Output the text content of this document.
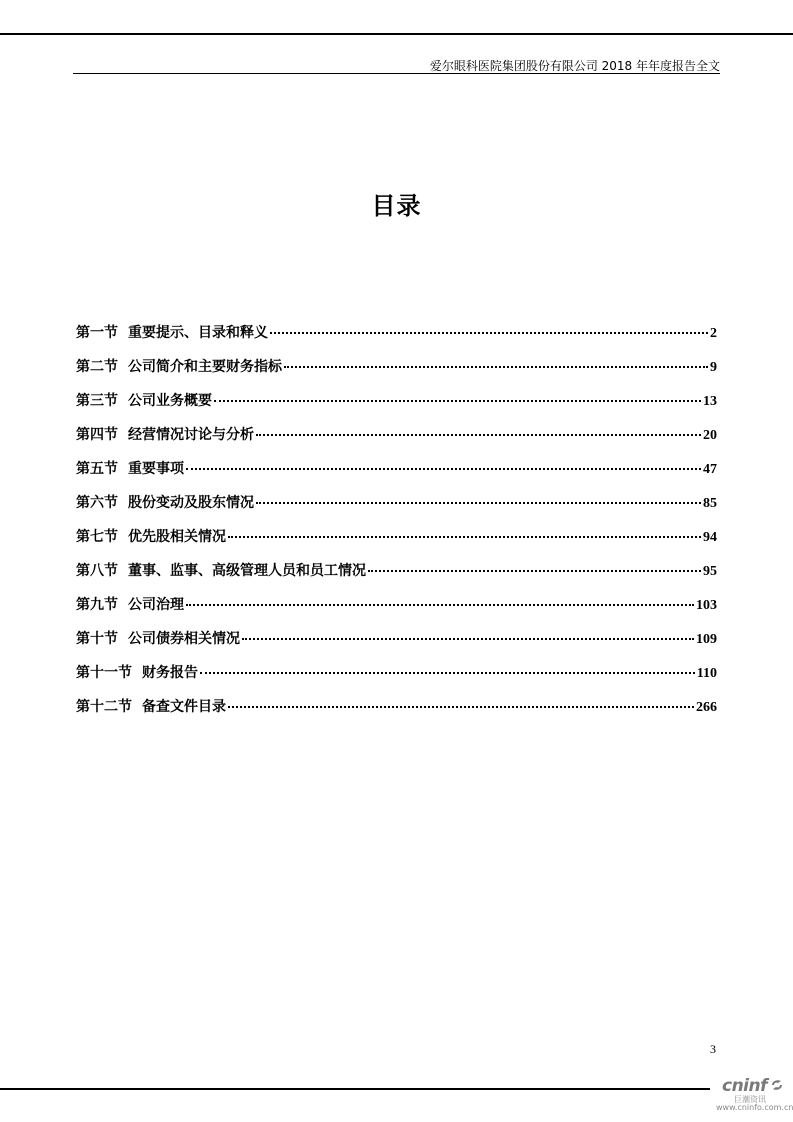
爱尔眼科医院集团股份有限公司 2018 年年度报告全文
目录
第一节 重要提示、目录和释义	2
第二节 公司简介和主要财务指标	9
第三节 公司业务概要	13
第四节 经营情况讨论与分析	20
第五节 重要事项	47
第六节 股份变动及股东情况	85
第七节 优先股相关情况	94
第八节 董事、监事、高级管理人员和员工情况	95
第九节 公司治理	103
第十节 公司债券相关情况	109
第十一节 财务报告	110
第十二节 备查文件目录	266
3
cninf
巨潮资讯
www.cninfo.com.cn
